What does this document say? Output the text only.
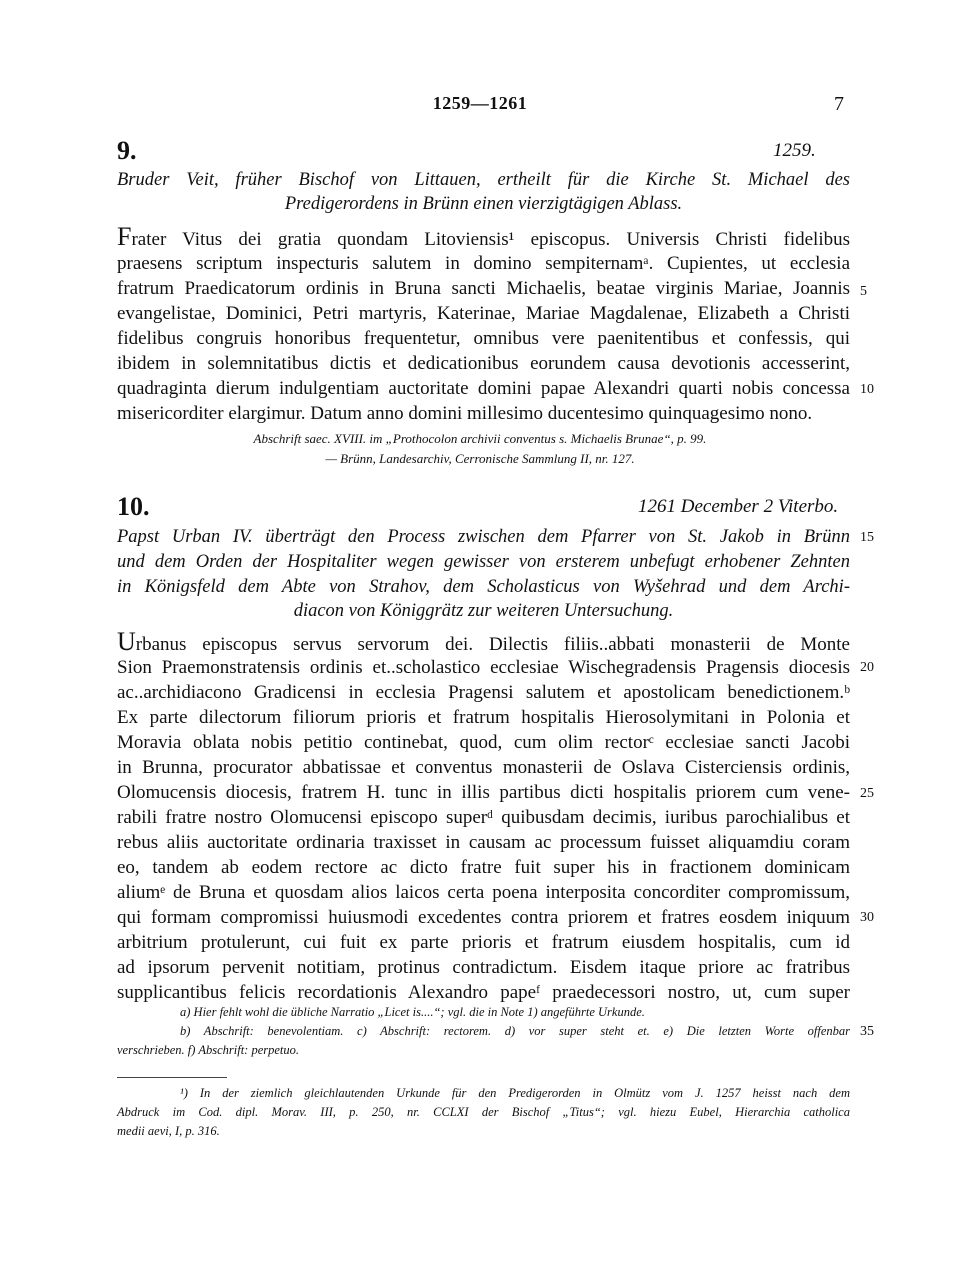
1259—1261	7
9.	1259.
Bruder Veit, früher Bischof von Littauen, ertheilt für die Kirche St. Michael des
Predigerordens in Brünn einen vierzigtägigen Ablass.
Frater Vitus dei gratia quondam Litoviensis¹ episcopus. Universis Christi fidelibus
praesens scriptum inspecturis salutem in domino sempiternamᵃ. Cupientes, ut ecclesia
fratrum Praedicatorum ordinis in Bruna sancti Michaelis, beatae virginis Mariae, Joannis
evangelistae, Dominici, Petri martyris, Katerinae, Mariae Magdalenae, Elizabeth a Christi
fidelibus congruis honoribus frequentetur, omnibus vere paenitentibus et confessis, qui
ibidem in solemnitatibus dictis et dedicationibus eorundem causa devotionis accesserint,
quadraginta dierum indulgentiam auctoritate domini papae Alexandri quarti nobis concessa
misericorditer elargimur. Datum anno domini millesimo ducentesimo quinquagesimo nono.
Abschrift saec. XVIII. im „Prothocolon archivii conventus s. Michaelis Brunae“, p. 99.
— Brünn, Landesarchiv, Cerronische Sammlung II, nr. 127.
10.	1261 December 2 Viterbo.
Papst Urban IV. überträgt den Process zwischen dem Pfarrer von St. Jakob in Brünn
und dem Orden der Hospitaliter wegen gewisser von ersterem unbefugt erhobener Zehnten
in Königsfeld dem Abte von Strahov, dem Scholasticus von Wyšehrad und dem Archi-
diacon von Königgrätz zur weiteren Untersuchung.
Urbanus episcopus servus servorum dei. Dilectis filiis..abbati monasterii de Monte
Sion Praemonstratensis ordinis et..scholastico ecclesiae Wischegradensis Pragensis diocesis
ac..archidiacono Gradicensi in ecclesia Pragensi salutem et apostolicam benedictionem.ᵇ
Ex parte dilectorum filiorum prioris et fratrum hospitalis Hierosolymitani in Polonia et
Moravia oblata nobis petitio continebat, quod, cum olim rectorᶜ ecclesiae sancti Jacobi
in Brunna, procurator abbatissae et conventus monasterii de Oslava Cisterciensis ordinis,
Olomucensis diocesis, fratrem H. tunc in illis partibus dicti hospitalis priorem cum vene-
rabili fratre nostro Olomucensi episcopo superᵈ quibusdam decimis, iuribus parochialibus et
rebus aliis auctoritate ordinaria traxisset in causam ac processum fuisset aliquamdiu coram
eo, tandem ab eodem rectore ac dicto fratre fuit super his in fractionem dominicam
aliumᵉ de Bruna et quosdam alios laicos certa poena interposita concorditer compromissum,
qui formam compromissi huiusmodi excedentes contra priorem et fratres eosdem iniquum
arbitrium protulerunt, cui fuit ex parte prioris et fratrum eiusdem hospitalis, cum id
ad ipsorum pervenit notitiam, protinus contradictum. Eisdem itaque priore ac fratribus
supplicantibus felicis recordationis Alexandro papeᶠ praedecessori nostro, ut, cum super
5
10
15
20
25
30
35
a) Hier fehlt wohl die übliche Narratio „Licet is....“; vgl. die in Note 1) angeführte Urkunde.
b) Abschrift: benevolentiam. c) Abschrift: rectorem. d) vor super steht et. e) Die letzten Worte offenbar
verschrieben. f) Abschrift: perpetuo.
¹) In der ziemlich gleichlautenden Urkunde für den Predigerorden in Olmütz vom J. 1257 heisst nach dem
Abdruck im Cod. dipl. Morav. III, p. 250, nr. CCLXI der Bischof „Titus“; vgl. hiezu Eubel, Hierarchia catholica
medii aevi, I, p. 316.
